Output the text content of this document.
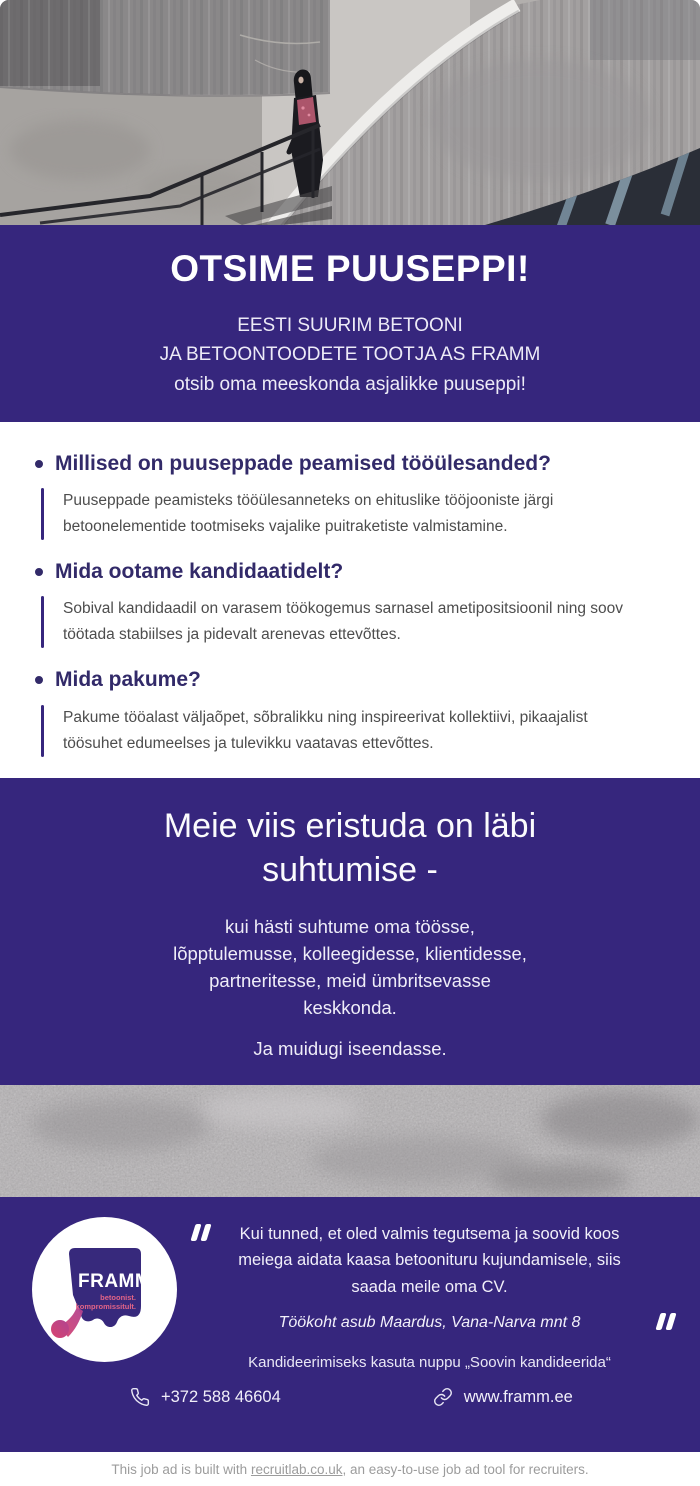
OTSIME PUUSEPPI!

EESTI SUURIM BETOONI
JA BETOONTOODETE TOOTJA AS FRAMM
otsib oma meeskonda asjalikke puuseppi!

Millised on puuseppade peamised tööülesanded?
Puuseppade peamisteks tööülesanneteks on ehituslike tööjooniste järgi betoonelementide tootmiseks vajalike puitraketiste valmistamine.
Mida ootame kandidaatidelt?
Sobival kandidaadil on varasem töökogemus sarnasel ametipositsioonil ning soov töötada stabiilses ja pidevalt arenevas ettevõttes.
Mida pakume?
Pakume tööalast väljaõpet, sõbralikku ning inspireerivat kollektiivi, pikaajalist töösuhet edumeelses ja tulevikku vaatavas ettevõttes.
Meie viis eristuda on läbi suhtumise -

kui hästi suhtume oma töösse,
lõpptulemusse, kolleegidesse, klientidesse,
partneritesse, meid ümbritsevasse
keskkonda.

Ja muidugi iseendasse.

FRAMM
betoonist.
kompromissitult.
Kui tunned, et oled valmis tegutsema ja soovid koos
meiega aidata kaasa betoonituru kujundamisele, siis
saada meile oma CV.
Töökoht asub Maardus, Vana-Narva mnt 8
Kandideerimiseks kasuta nuppu „Soovin kandideerida“
+372 588 46604	www.framm.ee
This job ad is built with
recruitlab.co.uk , an easy-to-use job ad tool for recruiters.
